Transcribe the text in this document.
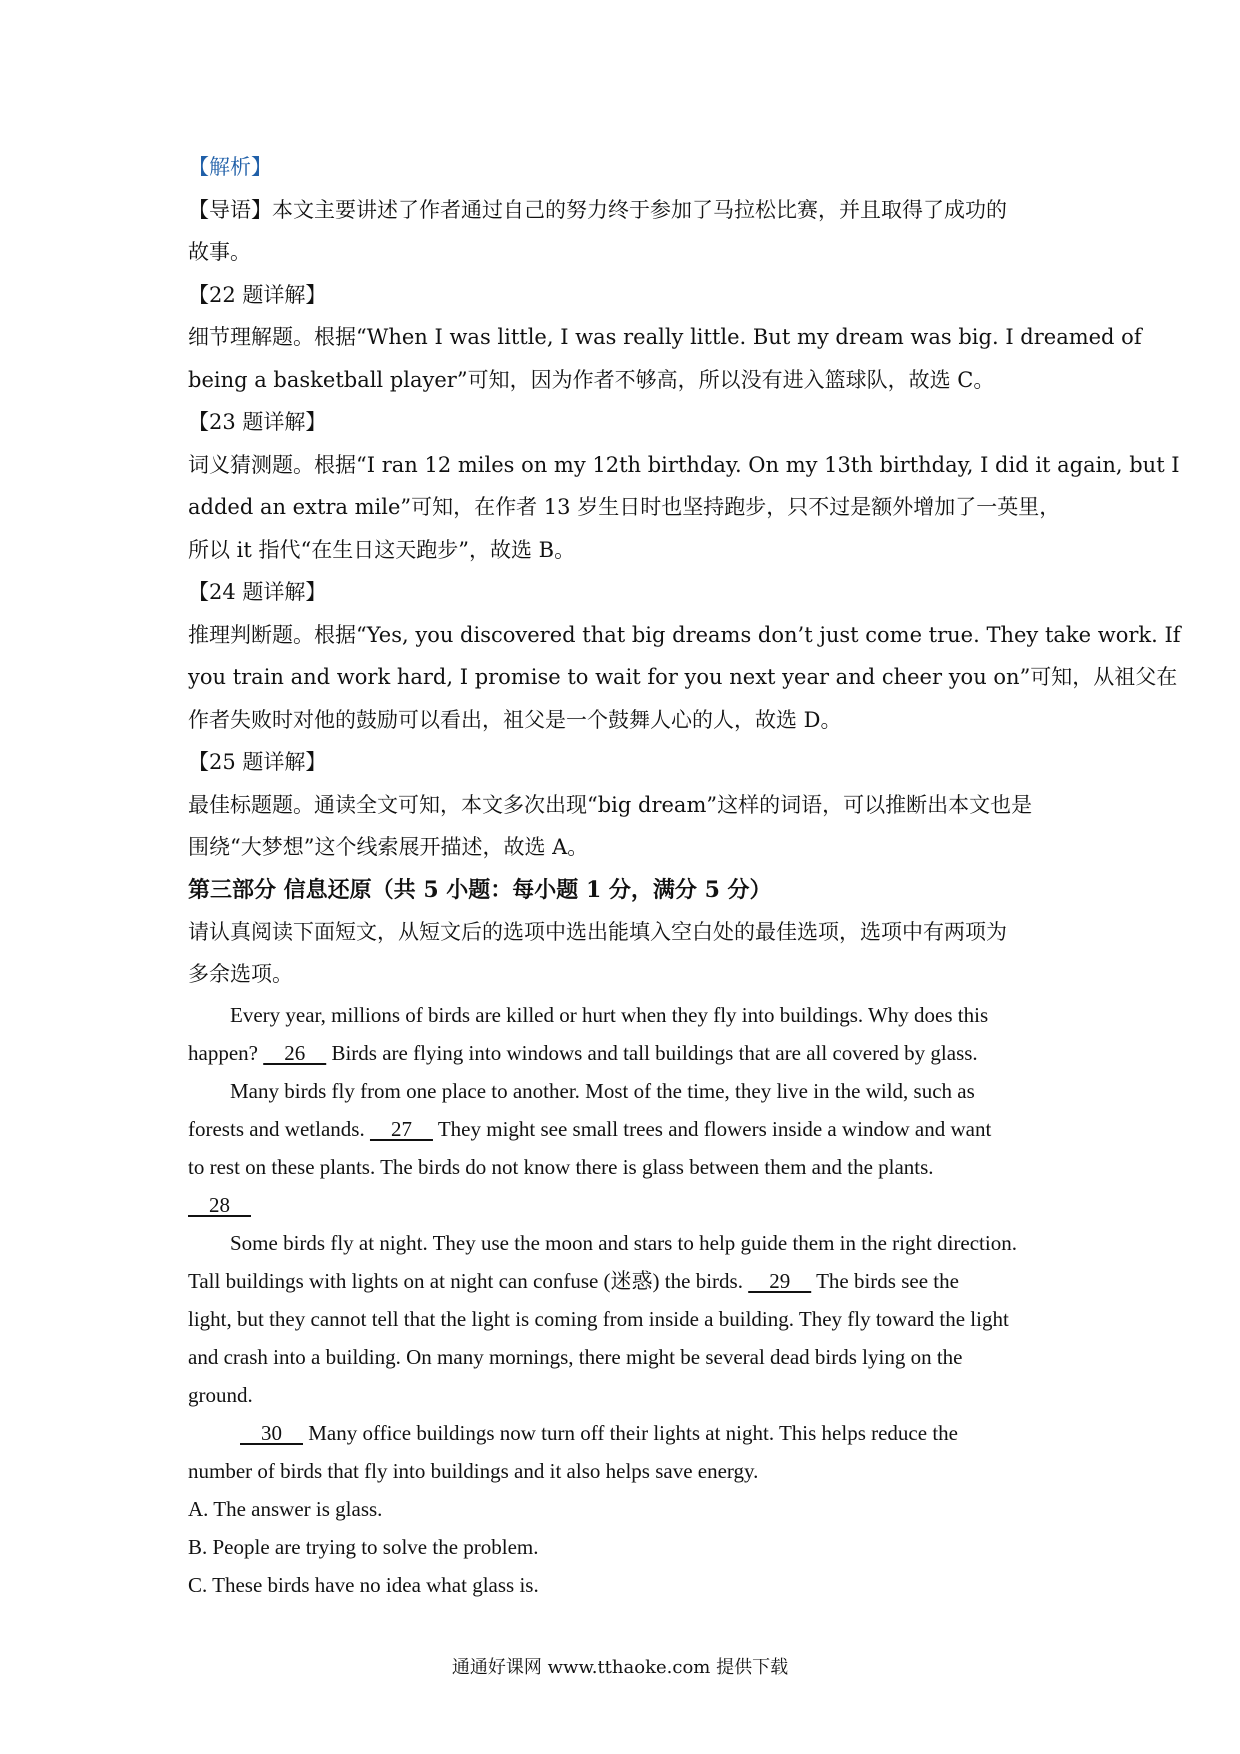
【解析】
【导语】本文主要讲述了作者通过自己的努力终于参加了马拉松比赛，并且取得了成功的
故事。
【22 题详解】
细节理解题。根据“When I was little, I was really little. But my dream was big. I dreamed of
being a basketball player”可知，因为作者不够高，所以没有进入篮球队，故选 C。
【23 题详解】
词义猜测题。根据“I ran 12 miles on my 12th birthday. On my 13th birthday, I did it again, but I
added an extra mile”可知，在作者 13 岁生日时也坚持跑步，只不过是额外增加了一英里，
所以 it 指代“在生日这天跑步”，故选 B。
【24 题详解】
推理判断题。根据“Yes, you discovered that big dreams don’t just come true. They take work. If
you train and work hard, I promise to wait for you next year and cheer you on”可知，从祖父在
作者失败时对他的鼓励可以看出，祖父是一个鼓舞人心的人，故选 D。
【25 题详解】
最佳标题题。通读全文可知，本文多次出现“big dream”这样的词语，可以推断出本文也是
围绕“大梦想”这个线索展开描述，故选 A。
第三部分 信息还原（共 5 小题：每小题 1 分，满分 5 分）
请认真阅读下面短文，从短文后的选项中选出能填入空白处的最佳选项，选项中有两项为
多余选项。
Every year, millions of birds are killed or hurt when they fly into buildings. Why does this
happen?     26     Birds are flying into windows and tall buildings that are all covered by glass.
Many birds fly from one place to another. Most of the time, they live in the wild, such as
forests and wetlands.     27     They might see small trees and flowers inside a window and want
to rest on these plants. The birds do not know there is glass between them and the plants.
28
Some birds fly at night. They use the moon and stars to help guide them in the right direction.
Tall buildings with lights on at night can confuse (迷惑) the birds.     29     The birds see the
light, but they cannot tell that the light is coming from inside a building. They fly toward the light
and crash into a building. On many mornings, there might be several dead birds lying on the
ground.
30     Many office buildings now turn off their lights at night. This helps reduce the
number of birds that fly into buildings and it also helps save energy.
A. The answer is glass.
B. People are trying to solve the problem.
C. These birds have no idea what glass is.
通通好课网 www.tthaoke.com 提供下载
